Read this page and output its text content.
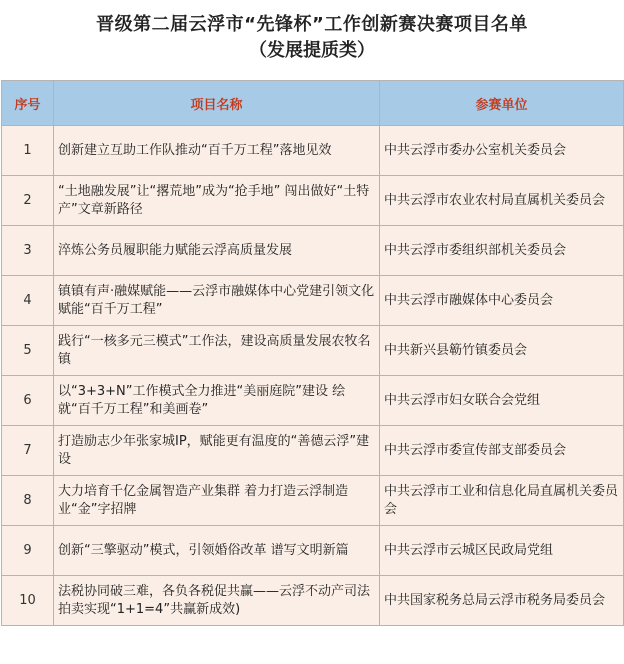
晋级第二届云浮市“先锋杯”工作创新赛决赛项目名单
（发展提质类）
序号	项目名称	参赛单位
1	创新建立互助工作队推动“百千万工程”落地见效	中共云浮市委办公室机关委员会
2	“土地融发展”让“撂荒地”成为“抢手地” 闯出做好“土特产”文章新路径	中共云浮市农业农村局直属机关委员会
3	淬炼公务员履职能力赋能云浮高质量发展	中共云浮市委组织部机关委员会
4	镇镇有声·融媒赋能——云浮市融媒体中心党建引领文化赋能“百千万工程”	中共云浮市融媒体中心委员会
5	践行“一核多元三模式”工作法，建设高质量发展农牧名镇	中共新兴县簕竹镇委员会
6	以“3+3+N”工作模式全力推进“美丽庭院”建设 绘就“百千万工程”和美画卷”	中共云浮市妇女联合会党组
7	打造励志少年张家城IP，赋能更有温度的“善德云浮”建设	中共云浮市委宣传部支部委员会
8	大力培育千亿金属智造产业集群 着力打造云浮制造业“金”字招牌	中共云浮市工业和信息化局直属机关委员会
9	创新“三擎驱动”模式，引领婚俗改革 谱写文明新篇	中共云浮市云城区民政局党组
10	法税协同破三难，各负各税促共赢——云浮不动产司法拍卖实现“1+1=4”共赢新成效)	中共国家税务总局云浮市税务局委员会
